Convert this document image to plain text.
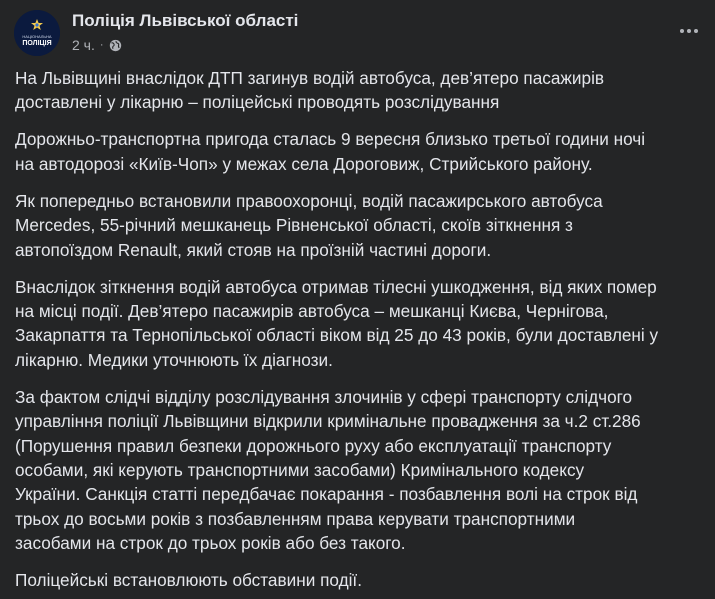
НАЦІОНАЛЬНА
ПОЛІЦІЯ
Поліція Львівської області
2 ч. ·

На Львівщині внаслідок ДТП загинув водій автобуса, дев’ятеро пасажирів
доставлені у лікарню – поліцейські проводять розслідування

Дорожньо-транспортна пригода сталась 9 вересня близько третьої години ночі
на автодорозі «Київ-Чоп» у межах села Дороговиж, Стрийського району.

Як попередньо встановили правоохоронці, водій пасажирського автобуса
Mercedes, 55-річний мешканець Рівненської області, скоїв зіткнення з
автопоїздом Renault, який стояв на проїзній частині дороги.

Внаслідок зіткнення водій автобуса отримав тілесні ушкодження, від яких помер
на місці події. Дев’ятеро пасажирів автобуса – мешканці Києва, Чернігова,
Закарпаття та Тернопільської області віком від 25 до 43 років, були доставлені у
лікарню. Медики уточнюють їх діагнози.

За фактом слідчі відділу розслідування злочинів у сфері транспорту слідчого
управління поліції Львівщини відкрили кримінальне провадження за ч.2 ст.286
(Порушення правил безпеки дорожнього руху або експлуатації транспорту
особами, які керують транспортними засобами) Кримінального кодексу
України. Санкція статті передбачає покарання - позбавлення волі на строк від
трьох до восьми років з позбавленням права керувати транспортними
засобами на строк до трьох років або без такого.

Поліцейські встановлюють обставини події.
